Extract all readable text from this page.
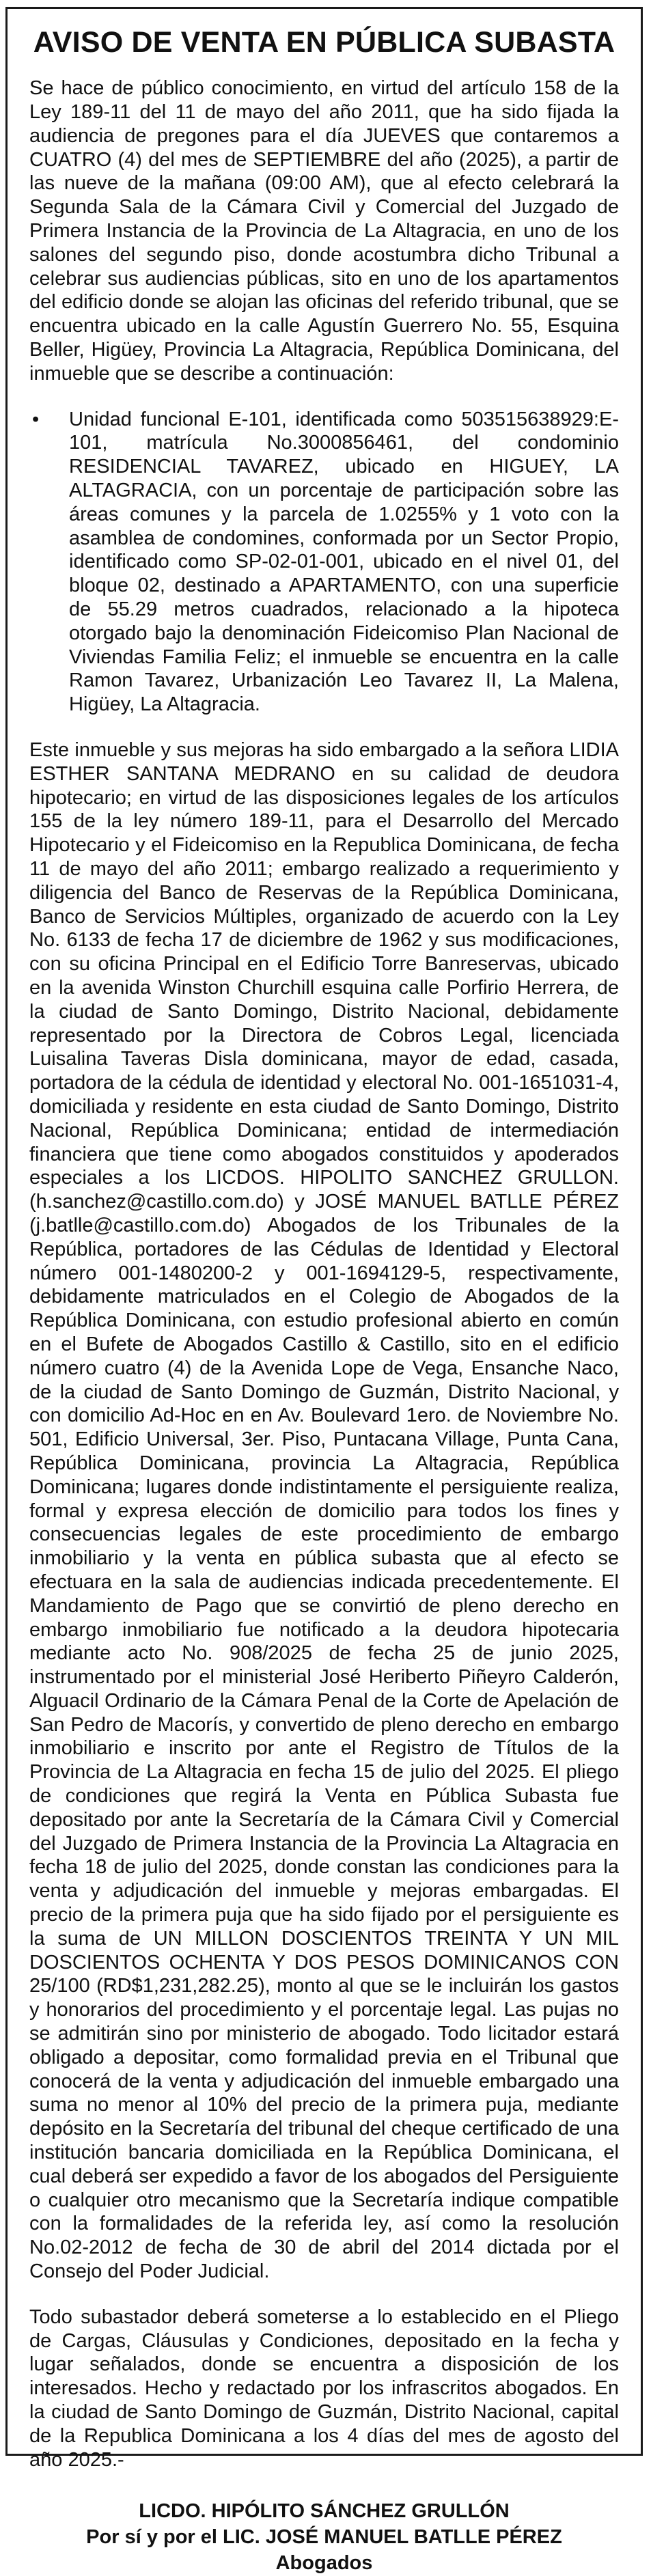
AVISO DE VENTA EN PÚBLICA SUBASTA

Se hace de público conocimiento, en virtud del artículo 158 de la Ley 189-11 del 11 de mayo del año 2011, que ha sido fijada la audiencia de pregones para el día JUEVES que contaremos a CUATRO (4) del mes de SEPTIEMBRE del año (2025), a partir de las nueve de la mañana (09:00 AM), que al efecto celebrará la Segunda Sala de la Cámara Civil y Comercial del Juzgado de Primera Instancia de la Provincia de La Altagracia, en uno de los salones del segundo piso, donde acostumbra dicho Tribunal a celebrar sus audiencias públicas, sito en uno de los apartamentos del edificio donde se alojan las oficinas del referido tribunal, que se encuentra ubicado en la calle Agustín Guerrero No. 55, Esquina Beller, Higüey, Provincia La Altagracia, República Dominicana, del inmueble que se describe a continuación:

•	Unidad funcional E-101, identificada como 503515638929:E-101, matrícula No.3000856461, del condominio RESIDENCIAL TAVAREZ, ubicado en HIGUEY, LA ALTAGRACIA, con un porcentaje de participación sobre las áreas comunes y la parcela de 1.0255% y 1 voto con la asamblea de condomines, conformada por un Sector Propio, identificado como SP-02-01-001, ubicado en el nivel 01, del bloque 02, destinado a APARTAMENTO, con una superficie de 55.29 metros cuadrados, relacionado a la hipoteca otorgado bajo la denominación Fideicomiso Plan Nacional de Viviendas Familia Feliz; el inmueble se encuentra en la calle Ramon Tavarez, Urbanización Leo Tavarez II, La Malena, Higüey, La Altagracia.

Este inmueble y sus mejoras ha sido embargado a la señora LIDIA ESTHER SANTANA MEDRANO en su calidad de deudora hipotecario; en virtud de las disposiciones legales de los artículos 155 de la ley número 189-11, para el Desarrollo del Mercado Hipotecario y el Fideicomiso en la Republica Dominicana, de fecha 11 de mayo del año 2011; embargo realizado a requerimiento y diligencia del Banco de Reservas de la República Dominicana, Banco de Servicios Múltiples, organizado de acuerdo con la Ley No. 6133 de fecha 17 de diciembre de 1962 y sus modificaciones, con su oficina Principal en el Edificio Torre Banreservas, ubicado en la avenida Winston Churchill esquina calle Porfirio Herrera, de la ciudad de Santo Domingo, Distrito Nacional, debidamente representado por la Directora de Cobros Legal, licenciada Luisalina Taveras Disla dominicana, mayor de edad, casada, portadora de la cédula de identidad y electoral No. 001-1651031-4, domiciliada y residente en esta ciudad de Santo Domingo, Distrito Nacional, República Dominicana; entidad de intermediación financiera que tiene como abogados constituidos y apoderados especiales a los LICDOS. HIPOLITO SANCHEZ GRULLON. (h.sanchez@castillo.com.do) y JOSÉ MANUEL BATLLE PÉREZ (j.batlle@castillo.com.do) Abogados de los Tribunales de la República, portadores de las Cédulas de Identidad y Electoral número 001-1480200-2 y 001-1694129-5, respectivamente, debidamente matriculados en el Colegio de Abogados de la República Dominicana, con estudio profesional abierto en común en el Bufete de Abogados Castillo & Castillo, sito en el edificio número cuatro (4) de la Avenida Lope de Vega, Ensanche Naco, de la ciudad de Santo Domingo de Guzmán, Distrito Nacional, y con domicilio Ad-Hoc en en Av. Boulevard 1ero. de Noviembre No. 501, Edificio Universal, 3er. Piso, Puntacana Village, Punta Cana, República Dominicana, provincia La Altagracia, República Dominicana; lugares donde indistintamente el persiguiente realiza, formal y expresa elección de domicilio para todos los fines y consecuencias legales de este procedimiento de embargo inmobiliario y la venta en pública subasta que al efecto se efectuara en la sala de audiencias indicada precedentemente. El Mandamiento de Pago que se convirtió de pleno derecho en embargo inmobiliario fue notificado a la deudora hipotecaria mediante acto No. 908/2025 de fecha 25 de junio 2025, instrumentado por el ministerial José Heriberto Piñeyro Calderón, Alguacil Ordinario de la Cámara Penal de la Corte de Apelación de San Pedro de Macorís, y convertido de pleno derecho en embargo inmobiliario e inscrito por ante el Registro de Títulos de la Provincia de La Altagracia en fecha 15 de julio del 2025. El pliego de condiciones que regirá la Venta en Pública Subasta fue depositado por ante la Secretaría de la Cámara Civil y Comercial del Juzgado de Primera Instancia de la Provincia La Altagracia en fecha 18 de julio del 2025, donde constan las condiciones para la venta y adjudicación del inmueble y mejoras embargadas. El precio de la primera puja que ha sido fijado por el persiguiente es la suma de UN MILLON DOSCIENTOS TREINTA Y UN MIL DOSCIENTOS OCHENTA Y DOS PESOS DOMINICANOS CON 25/100 (RD$1,231,282.25), monto al que se le incluirán los gastos y honorarios del procedimiento y el porcentaje legal. Las pujas no se admitirán sino por ministerio de abogado. Todo licitador estará obligado a depositar, como formalidad previa en el Tribunal que conocerá de la venta y adjudicación del inmueble embargado una suma no menor al 10% del precio de la primera puja, mediante depósito en la Secretaría del tribunal del cheque certificado de una institución bancaria domiciliada en la República Dominicana, el cual deberá ser expedido a favor de los abogados del Persiguiente o cualquier otro mecanismo que la Secretaría indique compatible con la formalidades de la referida ley, así como la resolución No.02-2012 de fecha de 30 de abril del 2014 dictada por el Consejo del Poder Judicial.

Todo subastador deberá someterse a lo establecido en el Pliego de Cargas, Cláusulas y Condiciones, depositado en la fecha y lugar señalados, donde se encuentra a disposición de los interesados. Hecho y redactado por los infrascritos abogados. En la ciudad de Santo Domingo de Guzmán, Distrito Nacional, capital de la Republica Dominicana a los 4 días del mes de agosto del año 2025.-

LICDO. HIPÓLITO SÁNCHEZ GRULLÓN
Por sí y por el LIC. JOSÉ MANUEL BATLLE PÉREZ
Abogados
